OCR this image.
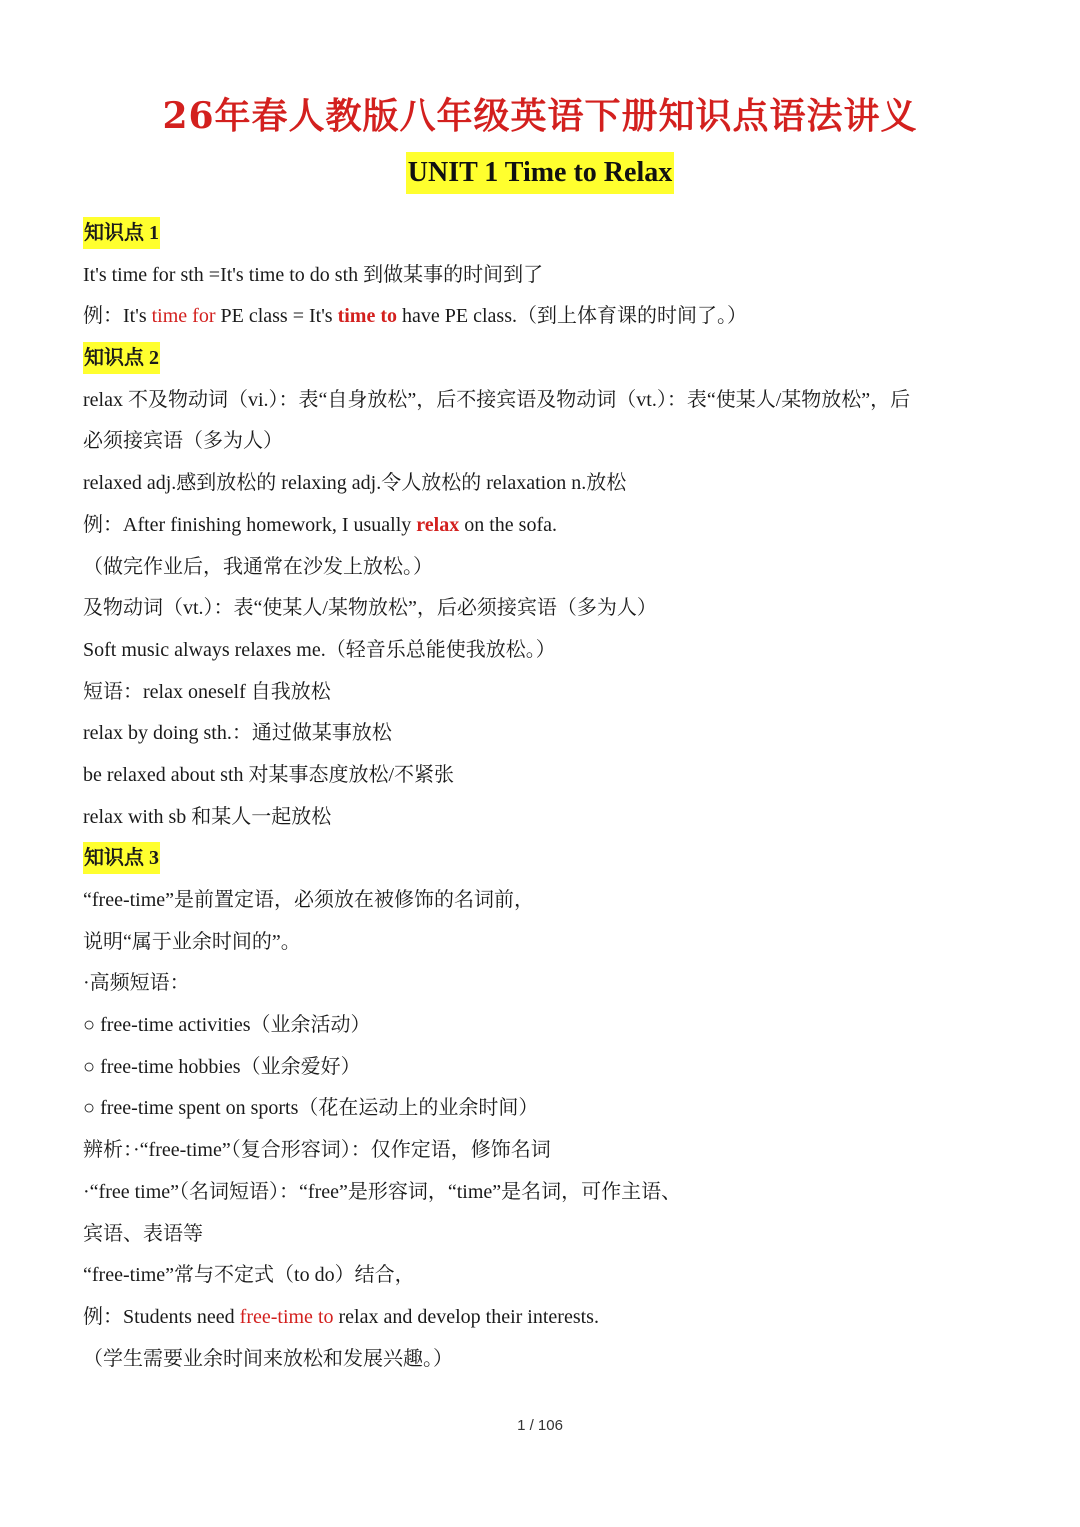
26年春人教版八年级英语下册知识点语法讲义
UNIT 1 Time to Relax
知识点 1
It's time for sth =It's time to do sth 到做某事的时间到了
例：It's time for PE class = It's time to have PE class.（到上体育课的时间了。）
知识点 2
relax 不及物动词（vi.）：表“自身放松”，后不接宾语及物动词（vt.）：表“使某人/某物放松”，后
必须接宾语（多为人）
relaxed adj.感到放松的 relaxing adj.令人放松的 relaxation n.放松
例：After finishing homework, I usually relax on the sofa.
（做完作业后，我通常在沙发上放松。）
及物动词（vt.）：表“使某人/某物放松”，后必须接宾语（多为人）
Soft music always relaxes me.（轻音乐总能使我放松。）
短语：relax oneself 自我放松
relax by doing sth.：通过做某事放松
be relaxed about sth 对某事态度放松/不紧张
relax with sb 和某人一起放松
知识点 3
“free-time”是前置定语，必须放在被修饰的名词前，
说明“属于业余时间的”。
·高频短语：
○ free-time activities（业余活动）
○ free-time hobbies（业余爱好）
○ free-time spent on sports（花在运动上的业余时间）
辨析：·“free-time”（复合形容词）：仅作定语，修饰名词
·“free time”（名词短语）：“free”是形容词，“time”是名词，可作主语、
宾语、表语等
“free-time”常与不定式（to do）结合，
例：Students need free-time to relax and develop their interests.
（学生需要业余时间来放松和发展兴趣。）
1 / 106
